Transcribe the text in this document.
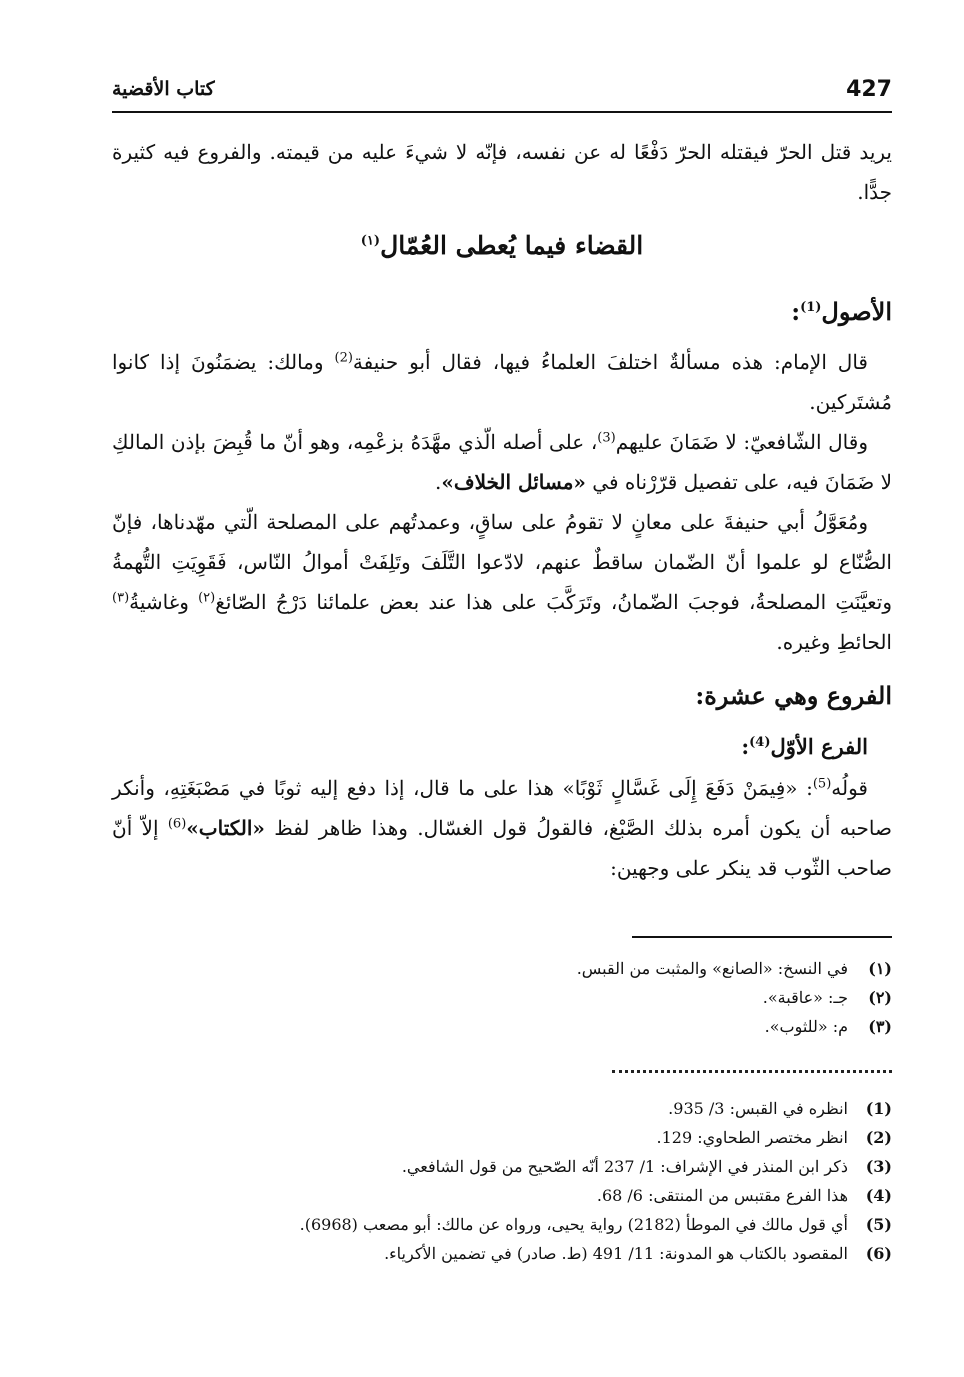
427
كتاب الأقضية

يريد قتل الحرّ فيقتله الحرّ دَفْعًا له عن نفسه، فإنّه لا شيءَ عليه من قيمته. والفروع فيه كثيرة جدًّا.

القضاء فيما يُعطى العُمّال$^{(١)}$

الأصول$^{(1)}$:

قال الإمام: هذه مسألةٌ اختلفَ العلماءُ فيها، فقال أبو حنيفة$^{(2)}$ ومالك: يضمَنُونَ إذا كانوا مُشتَركين.

وقال الشّافعيّ: لا ضَمَانَ عليهم$^{(3)}$، على أصله الّذي مهَّدَهُ بزعْمِه، وهو أنّ ما قُبِضَ بإذن المالكِ لا ضَمَانَ فيه، على تفصيل قرّرْناه في «مسائل الخلاف».

ومُعَوَّلُ أبي حنيفةَ على معانٍ لا تقومُ على ساقٍ، وعمدتُهم على المصلحة الّتي مهّدناها، فإنّ الصُّنّاع لو علموا أنّ الضّمان ساقطٌ عنهم، لادّعوا التَّلَفَ وتَلِفَتْ أموالُ النّاس، فَقَوِيَتِ التُّهمةُ وتعيَّنَتِ المصلحةُ، فوجبَ الضّمانُ، وتَرَكَّبَ على هذا عند بعض علمائنا دَرْجُ الصّائغ$^{(٢)}$ وغاشيةُ$^{(٣)}$ الحائطِ وغيره.

الفروع وهي عشرة:

الفرع الأوّل$^{(4)}$:

قولُه$^{(5)}$: «فِيمَنْ دَفَعَ إِلَى غَسَّالٍ ثَوْبًا» هذا على ما قال، إذا دفع إليه ثوبًا في مَصْبَغَتِهِ، وأنكر صاحبه أن يكون أمره بذلك الصَّبْغ، فالقولُ قول الغسّال. وهذا ظاهر لفظ «الكتاب»$^{(6)}$ إلاّ أنّ صاحب الثّوب قد ينكر على وجهين:

(١)
في النسخ: «الصانع» والمثبت من القبس.
(٢)
جـ: «عاقبة».
(٣)
م: «للثوب».
(1)
انظره في القبس: 3/ 935.
(2)
انظر مختصر الطحاوي: 129.
(3)
ذكر ابن المنذر في الإشراف: 1/ 237 أنّه الصّحيح من قول الشافعي.
(4)
هذا الفرع مقتبس من المنتقى: 6/ 68.
(5)
أي قول مالك في الموطأ (2182) رواية يحيى، ورواه عن مالك: أبو مصعب (6968).
(6)
المقصود بالكتاب هو المدونة: 11/ 491 (ط. صادر) في تضمين الأكرياء.
